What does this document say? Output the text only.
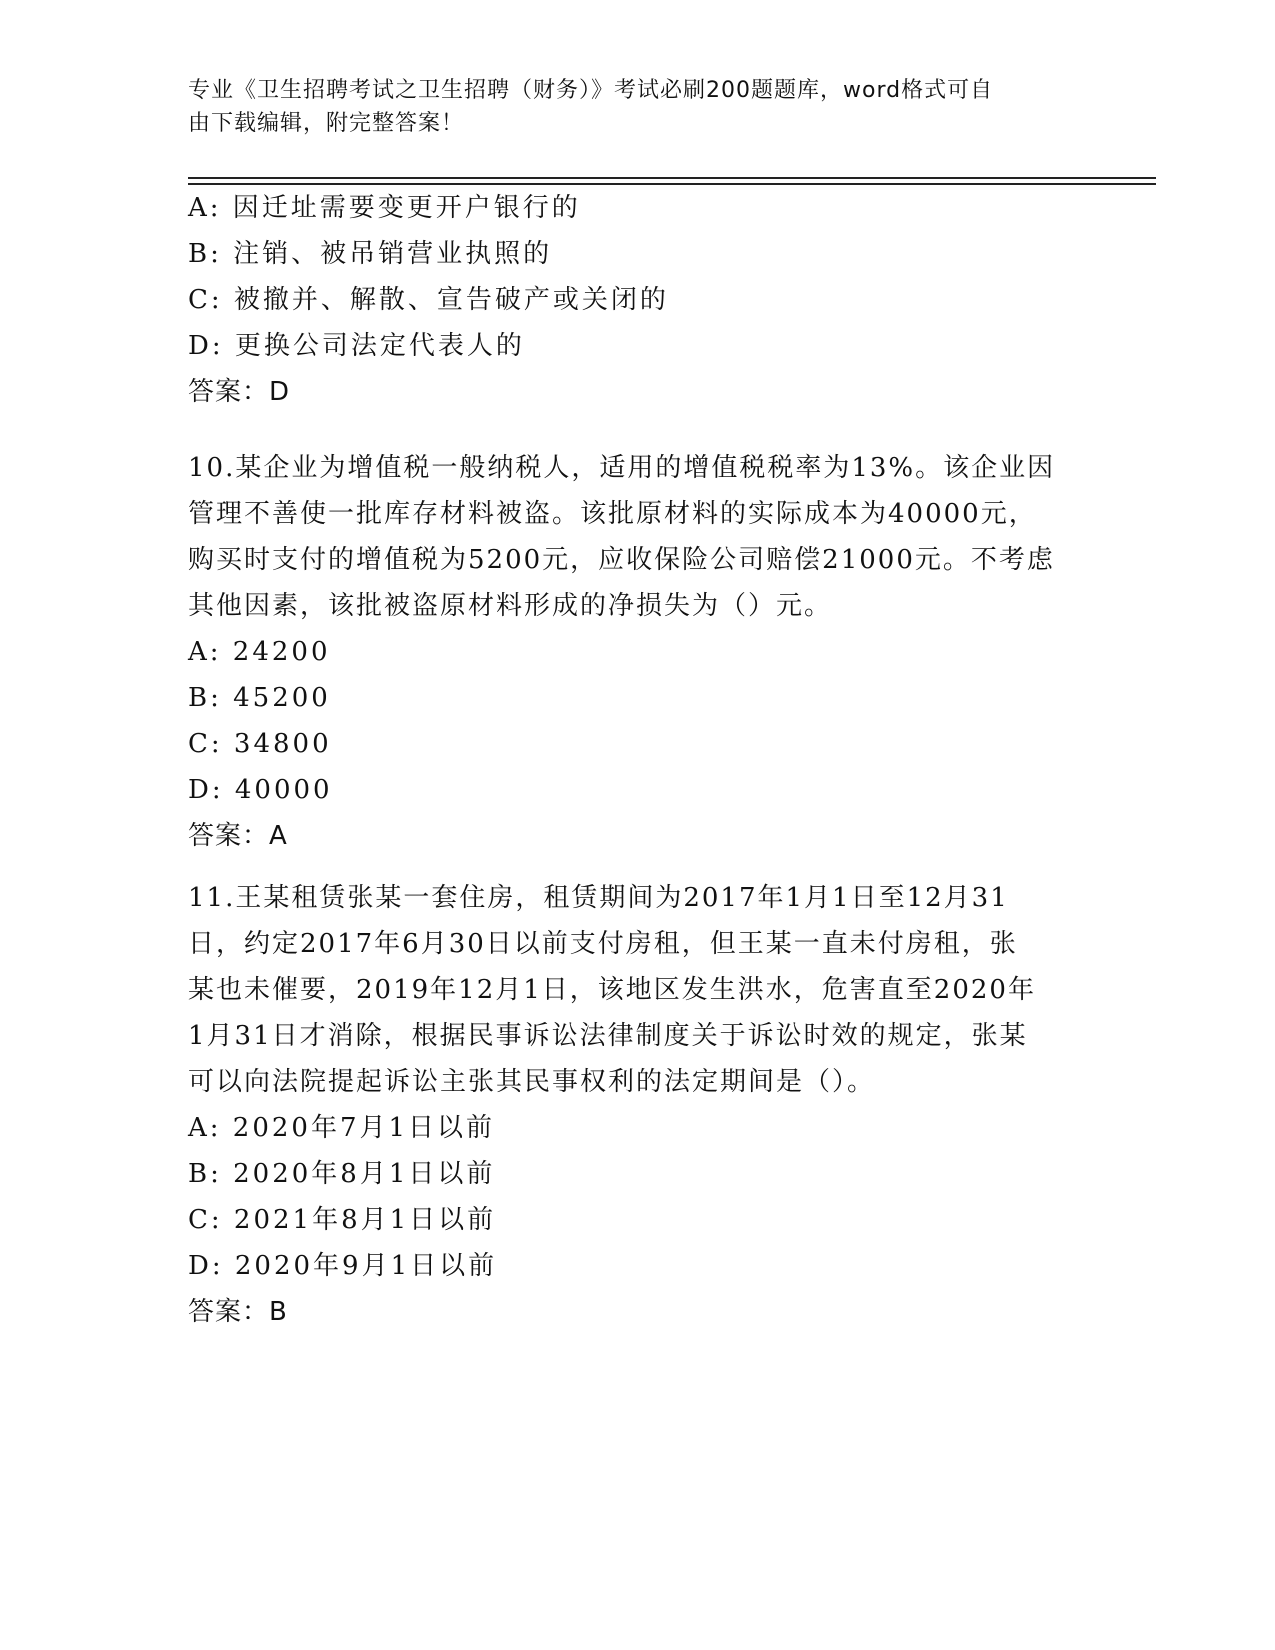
专业《卫生招聘考试之卫生招聘（财务）》考试必刷200题题库，word格式可自
由下载编辑，附完整答案！
A: 因迁址需要变更开户银行的
B: 注销、被吊销营业执照的
C: 被撤并、解散、宣告破产或关闭的
D: 更换公司法定代表人的
答案：D
10.某企业为增值税一般纳税人，适用的增值税税率为13%。该企业因
管理不善使一批库存材料被盗。该批原材料的实际成本为40000元，
购买时支付的增值税为5200元，应收保险公司赔偿21000元。不考虑
其他因素，该批被盗原材料形成的净损失为（）元。
A: 24200
B: 45200
C: 34800
D: 40000
答案：A
11.王某租赁张某一套住房，租赁期间为2017年1月1日至12月31
日，约定2017年6月30日以前支付房租，但王某一直未付房租，张
某也未催要，2019年12月1日，该地区发生洪水，危害直至2020年
1月31日才消除，根据民事诉讼法律制度关于诉讼时效的规定，张某
可以向法院提起诉讼主张其民事权利的法定期间是（）。
A: 2020年7月1日以前
B: 2020年8月1日以前
C: 2021年8月1日以前
D: 2020年9月1日以前
答案：B
